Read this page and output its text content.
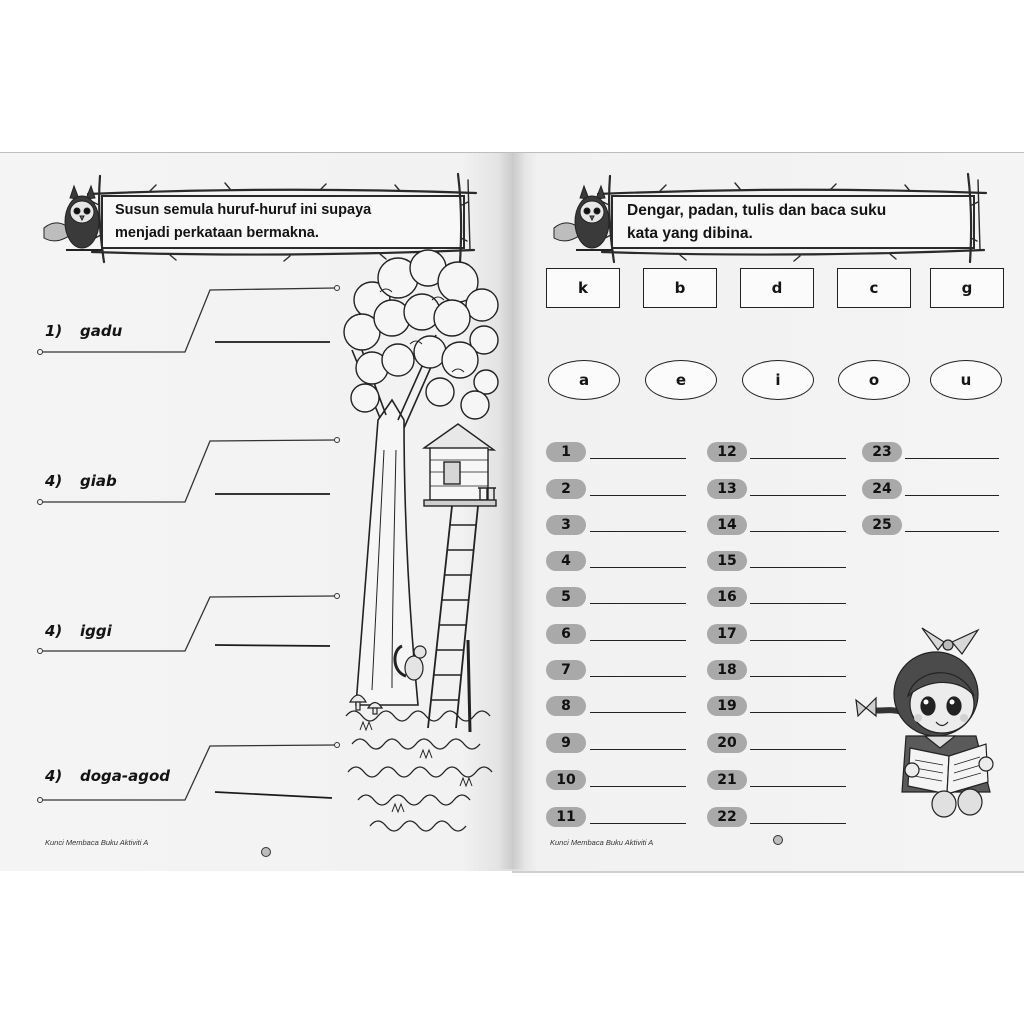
Susun semula huruf-huruf ini supaya
menjadi perkataan bermakna.
1)	gadu
4)	giab
4)	iggi
4)	doga-agod
Kunci Membaca Buku Aktiviti A
Dengar, padan, tulis dan baca suku
kata yang dibina.
k	b	d	c	g
a	e	i	o	u
1
2
3
4
5
6
7
8
9
10
11
12
13
14
15
16
17
18
19
20
21
22
23
24
25
Kunci Membaca Buku Aktiviti A
